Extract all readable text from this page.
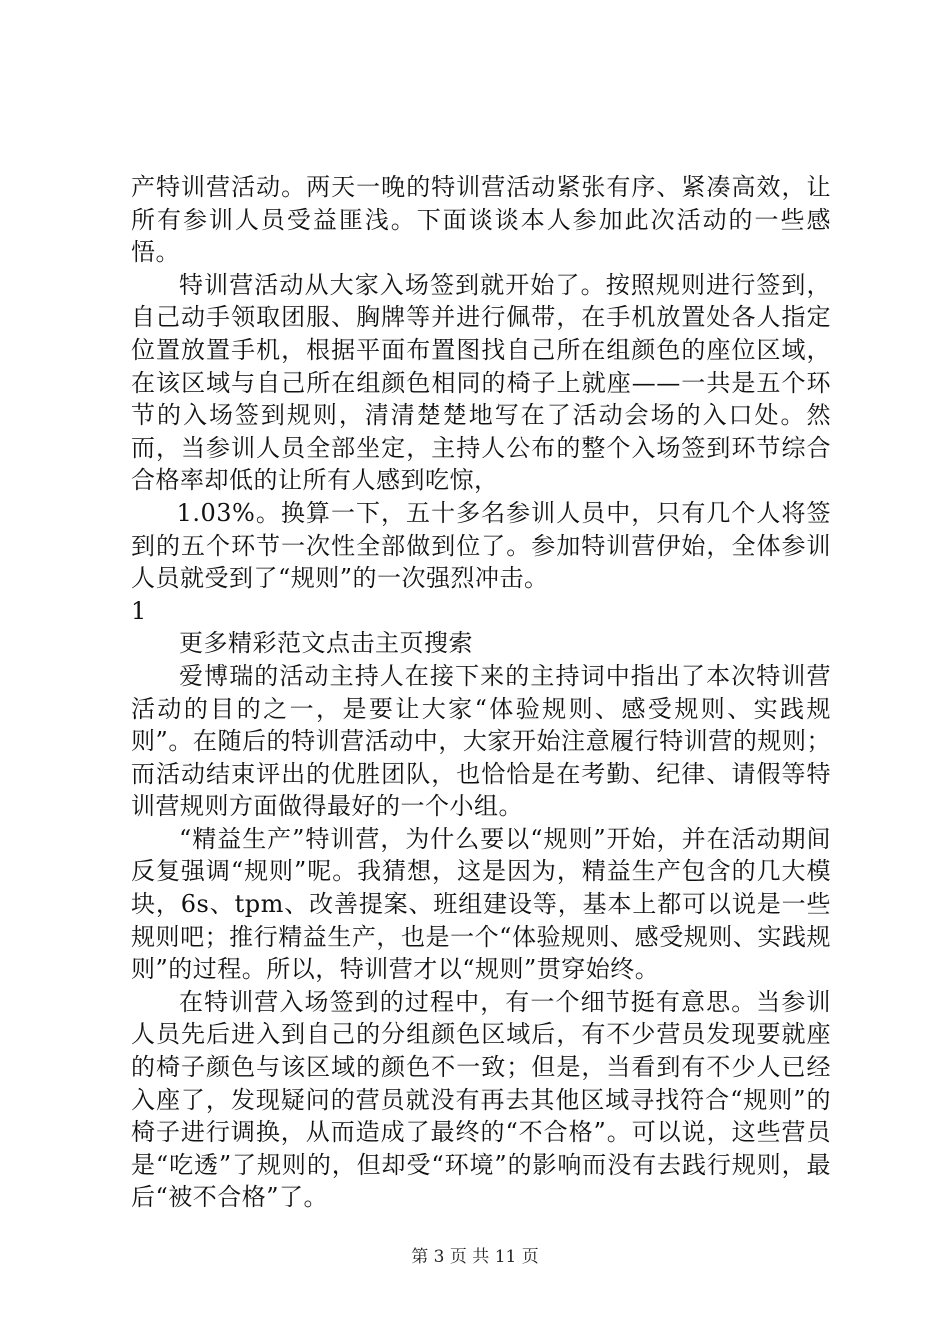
产特训营活动。两天一晚的特训营活动紧张有序、紧凑高效，让所有参训人员受益匪浅。下面谈谈本人参加此次活动的一些感悟。

特训营活动从大家入场签到就开始了。按照规则进行签到，自己动手领取团服、胸牌等并进行佩带，在手机放置处各人指定位置放置手机，根据平面布置图找自己所在组颜色的座位区域，在该区域与自己所在组颜色相同的椅子上就座——一共是五个环节的入场签到规则，清清楚楚地写在了活动会场的入口处。然而，当参训人员全部坐定，主持人公布的整个入场签到环节综合合格率却低的让所有人感到吃惊，

1.03%。换算一下，五十多名参训人员中，只有几个人将签到的五个环节一次性全部做到位了。参加特训营伊始，全体参训人员就受到了“规则”的一次强烈冲击。

1

更多精彩范文点击主页搜索

爱博瑞的活动主持人在接下来的主持词中指出了本次特训营活动的目的之一，是要让大家“体验规则、感受规则、实践规则”。在随后的特训营活动中，大家开始注意履行特训营的规则；而活动结束评出的优胜团队，也恰恰是在考勤、纪律、请假等特训营规则方面做得最好的一个小组。

“精益生产”特训营，为什么要以“规则”开始，并在活动期间反复强调“规则”呢。我猜想，这是因为，精益生产包含的几大模块，6s、tpm、改善提案、班组建设等，基本上都可以说是一些规则吧；推行精益生产，也是一个“体验规则、感受规则、实践规则”的过程。所以，特训营才以“规则”贯穿始终。

在特训营入场签到的过程中，有一个细节挺有意思。当参训人员先后进入到自己的分组颜色区域后，有不少营员发现要就座的椅子颜色与该区域的颜色不一致；但是，当看到有不少人已经入座了，发现疑问的营员就没有再去其他区域寻找符合“规则”的椅子进行调换，从而造成了最终的“不合格”。可以说，这些营员是“吃透”了规则的，但却受“环境”的影响而没有去践行规则，最后“被不合格”了。

第 3 页 共 11 页
